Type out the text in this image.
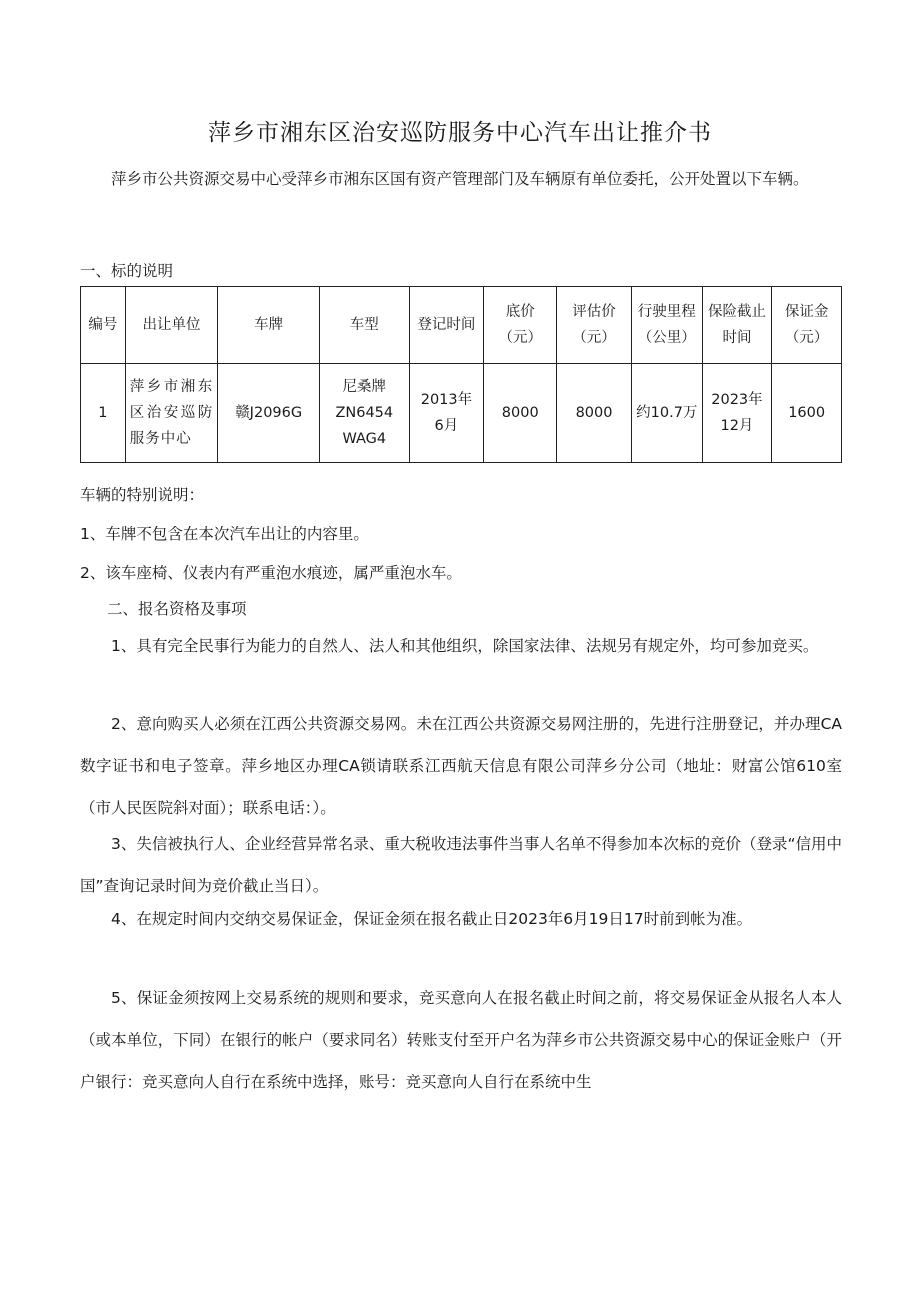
萍乡市湘东区治安巡防服务中心汽车出让推介书

萍乡市公共资源交易中心受萍乡市湘东区国有资产管理部门及车辆原有单位委托，公开处置以下车辆。

一、标的说明

编号	出让单位	车牌	车型	登记时间	底价
（元）	评估价
（元）	行驶里程
（公里）	保险截止
时间	保证金
（元）

1	萍乡市湘东区治安巡防服务中心	赣J2096G	尼桑牌
ZN6454
WAG4	2013年
6月	8000	8000	约10.7万	2023年
12月	1600

车辆的特别说明：

1、车牌不包含在本次汽车出让的内容里。

2、该车座椅、仪表内有严重泡水痕迹，属严重泡水车。

二、报名资格及事项

1、具有完全民事行为能力的自然人、法人和其他组织，除国家法律、法规另有规定外，均可参加竞买。

2、意向购买人必须在江西公共资源交易网。未在江西公共资源交易网注册的，先进行注册登记，并办理CA数字证书和电子签章。萍乡地区办理CA锁请联系江西航天信息有限公司萍乡分公司（地址：财富公馆610室（市人民医院斜对面）；联系电话：）。

3、失信被执行人、企业经营异常名录、重大税收违法事件当事人名单不得参加本次标的竞价（登录“信用中国”查询记录时间为竞价截止当日）。

4、在规定时间内交纳交易保证金，保证金须在报名截止日2023年6月19日17时前到帐为准。

5、保证金须按网上交易系统的规则和要求，竞买意向人在报名截止时间之前，将交易保证金从报名人本人（或本单位，下同）在银行的帐户（要求同名）转账支付至开户名为萍乡市公共资源交易中心的保证金账户（开户银行：竞买意向人自行在系统中选择，账号：竞买意向人自行在系统中生
